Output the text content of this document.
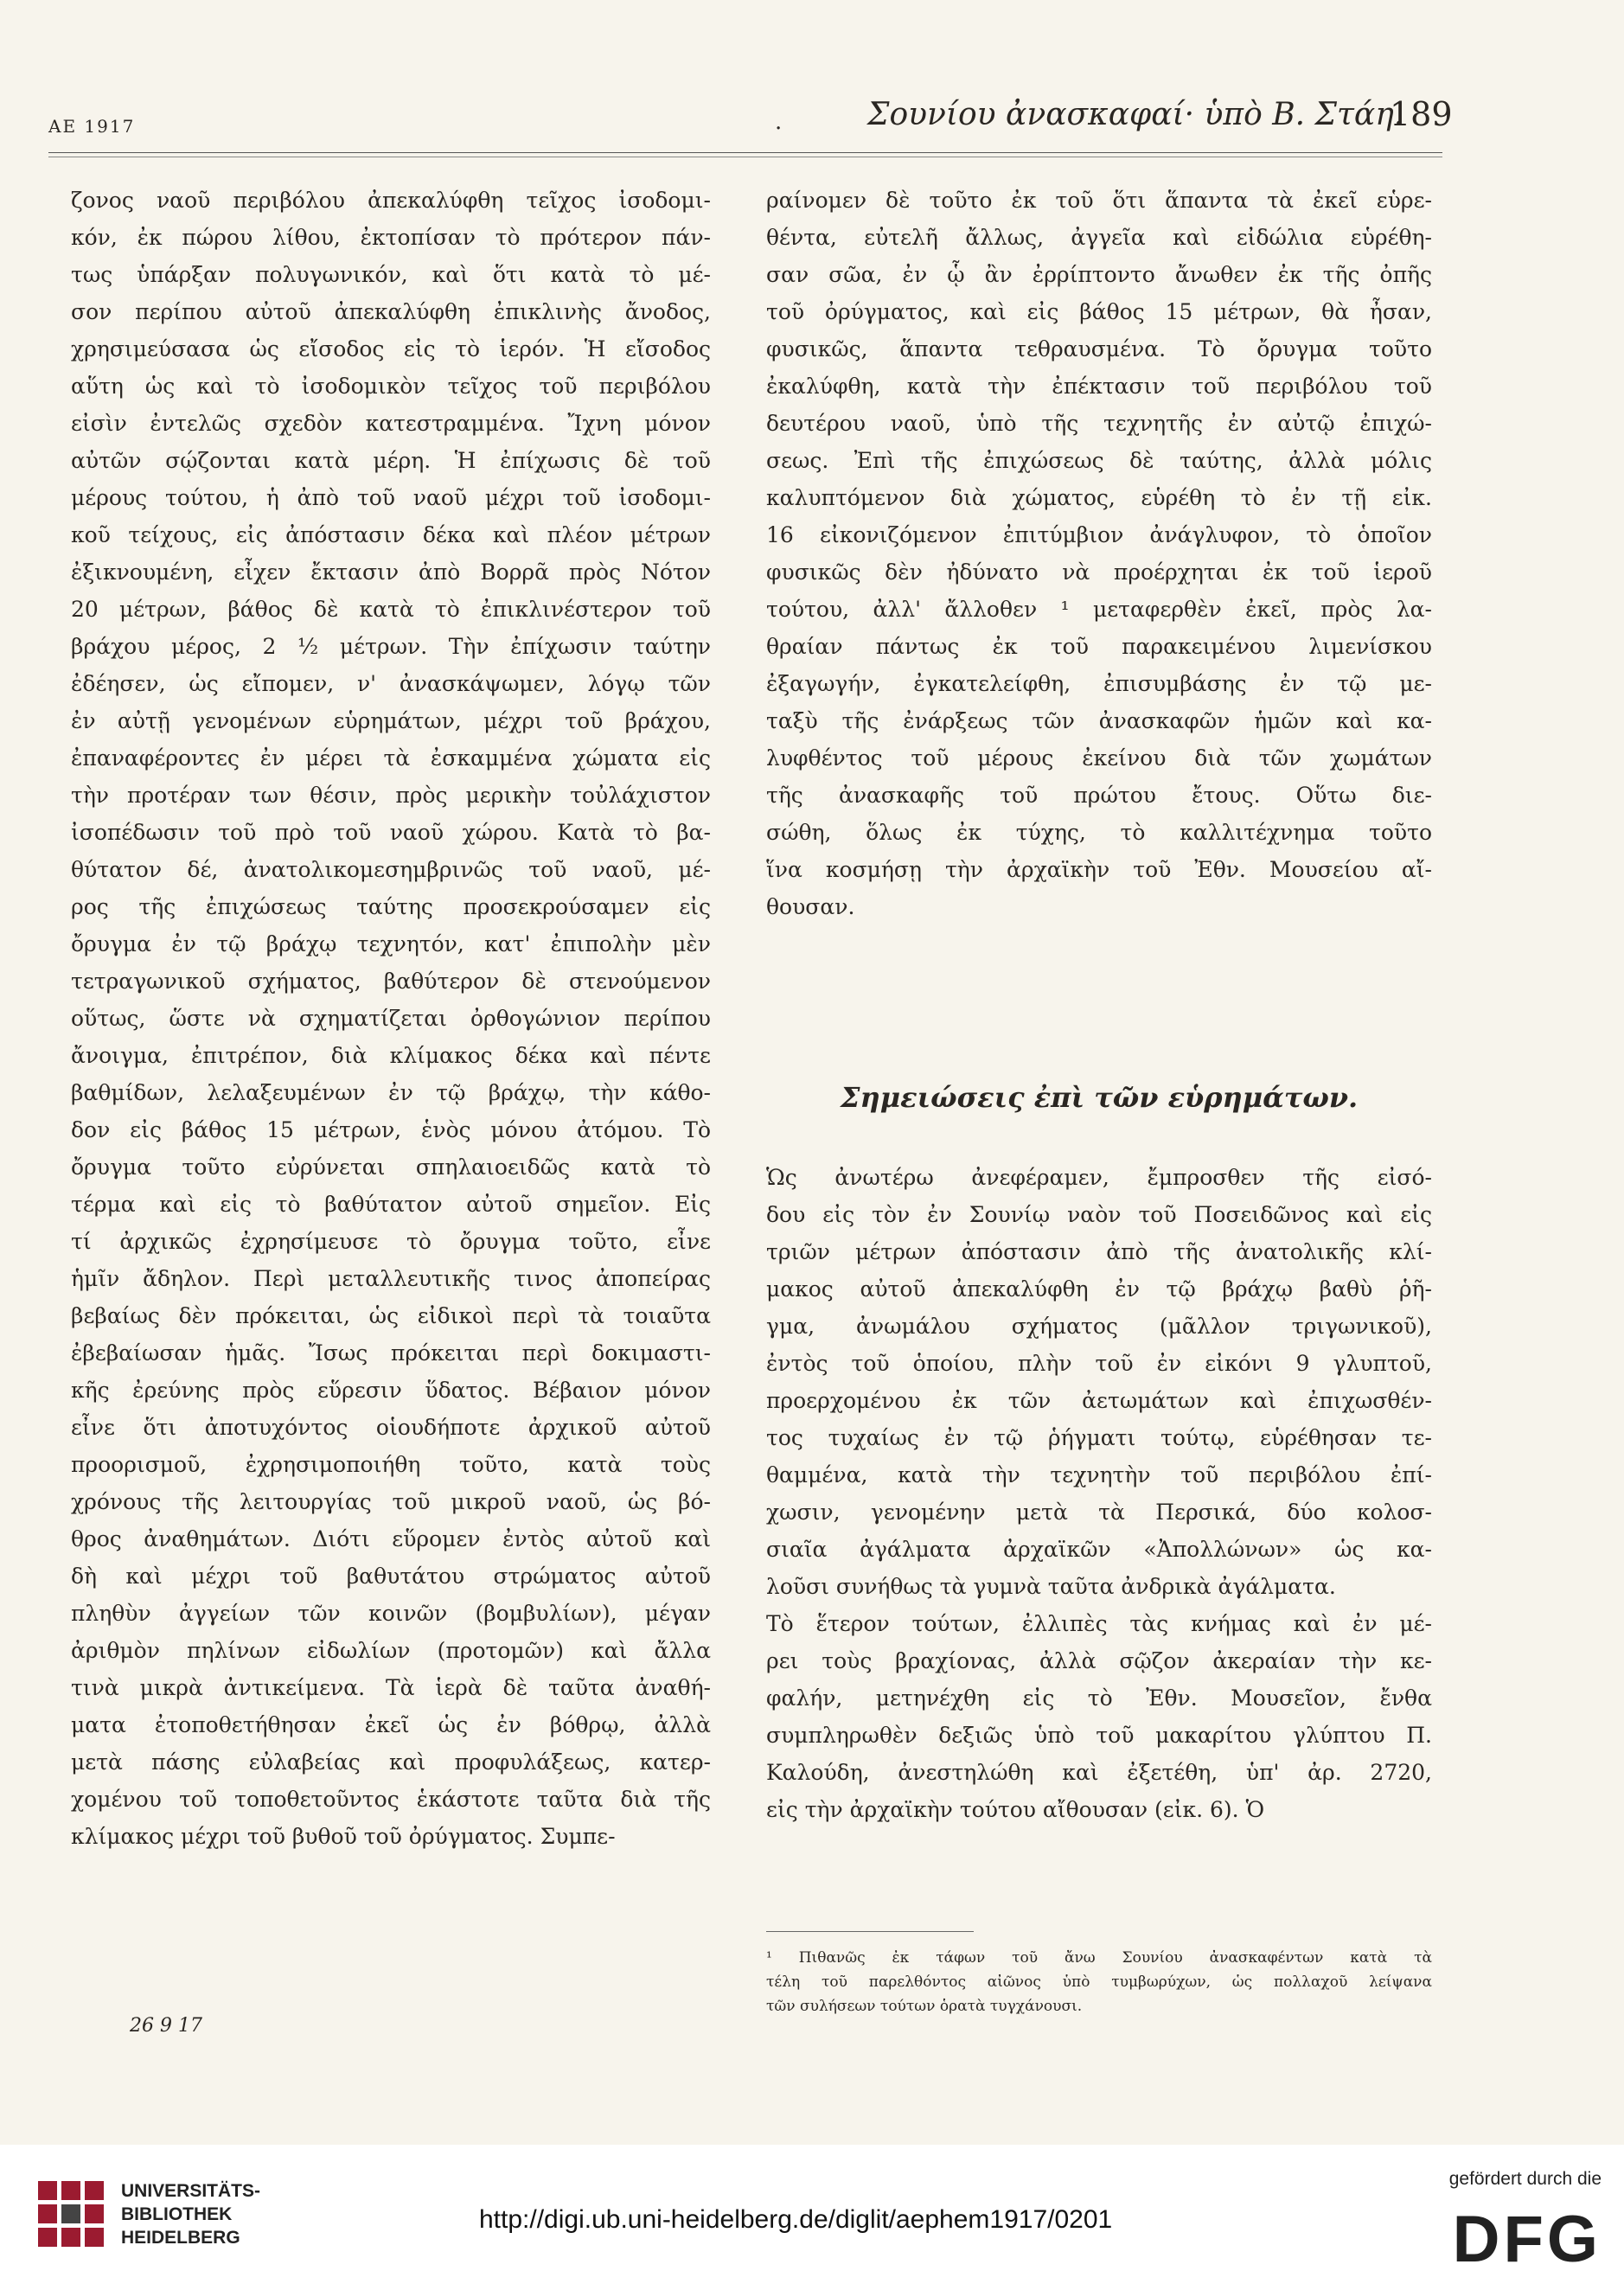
ΑΕ 1917	.	Σουνίου ἀνασκαφαί· ὑπὸ Β. Στάη.
189
ζονος ναοῦ περιβόλου ἀπεκαλύφθη τεῖχος ἰσοδομι-
κόν, ἐκ πώρου λίθου, ἐκτοπίσαν τὸ πρότερον πάν-
τως ὑπάρξαν πολυγωνικόν, καὶ ὅτι κατὰ τὸ μέ-
σον περίπου αὐτοῦ ἀπεκαλύφθη ἐπικλινὴς ἄνοδος,
χρησιμεύσασα ὡς εἴσοδος εἰς τὸ ἱερόν. Ἡ εἴσοδος
αὕτη ὡς καὶ τὸ ἰσοδομικὸν τεῖχος τοῦ περιβόλου
εἰσὶν ἐντελῶς σχεδὸν κατεστραμμένα. Ἴχνη μόνον
αὐτῶν σῴζονται κατὰ μέρη. Ἡ ἐπίχωσις δὲ τοῦ
μέρους τούτου, ἡ ἀπὸ τοῦ ναοῦ μέχρι τοῦ ἰσοδομι-
κοῦ τείχους, εἰς ἀπόστασιν δέκα καὶ πλέον μέτρων
ἐξικνουμένη, εἶχεν ἔκτασιν ἀπὸ Βορρᾶ πρὸς Νότον
20 μέτρων, βάθος δὲ κατὰ τὸ ἐπικλινέστερον τοῦ
βράχου μέρος, 2 ½ μέτρων. Τὴν ἐπίχωσιν ταύτην
ἐδέησεν, ὡς εἴπομεν, ν' ἀνασκάψωμεν, λόγῳ τῶν
ἐν αὐτῇ γενομένων εὑρημάτων, μέχρι τοῦ βράχου,
ἐπαναφέροντες ἐν μέρει τὰ ἐσκαμμένα χώματα εἰς
τὴν προτέραν των θέσιν, πρὸς μερικὴν τοὐλάχιστον
ἰσοπέδωσιν τοῦ πρὸ τοῦ ναοῦ χώρου. Κατὰ τὸ βα-
θύτατον δέ, ἀνατολικομεσημβρινῶς τοῦ ναοῦ, μέ-
ρος τῆς ἐπιχώσεως ταύτης προσεκρούσαμεν εἰς
ὄρυγμα ἐν τῷ βράχῳ τεχνητόν, κατ' ἐπιπολὴν μὲν
τετραγωνικοῦ σχήματος, βαθύτερον δὲ στενούμενον
οὕτως, ὥστε νὰ σχηματίζεται ὀρθογώνιον περίπου
ἄνοιγμα, ἐπιτρέπον, διὰ κλίμακος δέκα καὶ πέντε
βαθμίδων, λελαξευμένων ἐν τῷ βράχῳ, τὴν κάθο-
δον εἰς βάθος 15 μέτρων, ἑνὸς μόνου ἀτόμου. Τὸ
ὄρυγμα τοῦτο εὐρύνεται σπηλαιοειδῶς κατὰ τὸ
τέρμα καὶ εἰς τὸ βαθύτατον αὐτοῦ σημεῖον. Εἰς
τί ἀρχικῶς ἐχρησίμευσε τὸ ὄρυγμα τοῦτο, εἶνε
ἡμῖν ἄδηλον. Περὶ μεταλλευτικῆς τινος ἀποπείρας
βεβαίως δὲν πρόκειται, ὡς εἰδικοὶ περὶ τὰ τοιαῦτα
ἐβεβαίωσαν ἡμᾶς. Ἴσως πρόκειται περὶ δοκιμαστι-
κῆς ἐρεύνης πρὸς εὕρεσιν ὕδατος. Βέβαιον μόνον
εἶνε ὅτι ἀποτυχόντος οἱουδήποτε ἀρχικοῦ αὐτοῦ
προορισμοῦ, ἐχρησιμοποιήθη τοῦτο, κατὰ τοὺς
χρόνους τῆς λειτουργίας τοῦ μικροῦ ναοῦ, ὡς βό-
θρος ἀναθημάτων. Διότι εὕρομεν ἐντὸς αὐτοῦ καὶ
δὴ καὶ μέχρι τοῦ βαθυτάτου στρώματος αὐτοῦ
πληθὺν ἀγγείων τῶν κοινῶν (βομβυλίων), μέγαν
ἀριθμὸν πηλίνων εἰδωλίων (προτομῶν) καὶ ἄλλα
τινὰ μικρὰ ἀντικείμενα. Τὰ ἱερὰ δὲ ταῦτα ἀναθή-
ματα ἐτοποθετήθησαν ἐκεῖ ὡς ἐν βόθρῳ, ἀλλὰ
μετὰ πάσης εὐλαβείας καὶ προφυλάξεως, κατερ-
χομένου τοῦ τοποθετοῦντος ἑκάστοτε ταῦτα διὰ τῆς
κλίμακος μέχρι τοῦ βυθοῦ τοῦ ὀρύγματος. Συμπε-
26 9 17
ραίνομεν δὲ τοῦτο ἐκ τοῦ ὅτι ἅπαντα τὰ ἐκεῖ εὑρε-
θέντα, εὐτελῆ ἄλλως, ἀγγεῖα καὶ εἰδώλια εὑρέθη-
σαν σῶα, ἐν ᾧ ἂν ἐρρίπτοντο ἄνωθεν ἐκ τῆς ὀπῆς
τοῦ ὀρύγματος, καὶ εἰς βάθος 15 μέτρων, θὰ ἦσαν,
φυσικῶς, ἅπαντα τεθραυσμένα. Τὸ ὄρυγμα τοῦτο
ἐκαλύφθη, κατὰ τὴν ἐπέκτασιν τοῦ περιβόλου τοῦ
δευτέρου ναοῦ, ὑπὸ τῆς τεχνητῆς ἐν αὐτῷ ἐπιχώ-
σεως. Ἐπὶ τῆς ἐπιχώσεως δὲ ταύτης, ἀλλὰ μόλις
καλυπτόμενον διὰ χώματος, εὑρέθη τὸ ἐν τῇ εἰκ.
16 εἰκονιζόμενον ἐπιτύμβιον ἀνάγλυφον, τὸ ὁποῖον
φυσικῶς δὲν ἠδύνατο νὰ προέρχηται ἐκ τοῦ ἱεροῦ
τούτου, ἀλλ' ἄλλοθεν ¹ μεταφερθὲν ἐκεῖ, πρὸς λα-
θραίαν πάντως ἐκ τοῦ παρακειμένου λιμενίσκου
ἐξαγωγήν, ἐγκατελείφθη, ἐπισυμβάσης ἐν τῷ με-
ταξὺ τῆς ἐνάρξεως τῶν ἀνασκαφῶν ἡμῶν καὶ κα-
λυφθέντος τοῦ μέρους ἐκείνου διὰ τῶν χωμάτων
τῆς ἀνασκαφῆς τοῦ πρώτου ἔτους. Οὕτω διε-
σώθη, ὅλως ἐκ τύχης, τὸ καλλιτέχνημα τοῦτο
ἵνα κοσμήσῃ τὴν ἀρχαϊκὴν τοῦ Ἐθν. Μουσείου αἴ-
θουσαν.
Σημειώσεις ἐπὶ τῶν εὑρημάτων.
Ὡς ἀνωτέρω ἀνεφέραμεν, ἔμπροσθεν τῆς εἰσό-
δου εἰς τὸν ἐν Σουνίῳ ναὸν τοῦ Ποσειδῶνος καὶ εἰς
τριῶν μέτρων ἀπόστασιν ἀπὸ τῆς ἀνατολικῆς κλί-
μακος αὐτοῦ ἀπεκαλύφθη ἐν τῷ βράχῳ βαθὺ ῥῆ-
γμα, ἀνωμάλου σχήματος (μᾶλλον τριγωνικοῦ),
ἐντὸς τοῦ ὁποίου, πλὴν τοῦ ἐν εἰκόνι 9 γλυπτοῦ,
προερχομένου ἐκ τῶν ἀετωμάτων καὶ ἐπιχωσθέν-
τος τυχαίως ἐν τῷ ῥήγματι τούτῳ, εὑρέθησαν τε-
θαμμένα, κατὰ τὴν τεχνητὴν τοῦ περιβόλου ἐπί-
χωσιν, γενομένην μετὰ τὰ Περσικά, δύο κολοσ-
σιαῖα ἀγάλματα ἀρχαϊκῶν «Ἀπολλώνων» ὡς κα-
λοῦσι συνήθως τὰ γυμνὰ ταῦτα ἀνδρικὰ ἀγάλματα.
Τὸ ἕτερον τούτων, ἐλλιπὲς τὰς κνήμας καὶ ἐν μέ-
ρει τοὺς βραχίονας, ἀλλὰ σῷζον ἀκεραίαν τὴν κε-
φαλήν, μετηνέχθη εἰς τὸ Ἐθν. Μουσεῖον, ἔνθα
συμπληρωθὲν δεξιῶς ὑπὸ τοῦ μακαρίτου γλύπτου Π.
Καλούδη, ἀνεστηλώθη καὶ ἐξετέθη, ὑπ' ἀρ. 2720,
εἰς τὴν ἀρχαϊκὴν τούτου αἴθουσαν (εἰκ. 6). Ὁ
¹ Πιθανῶς ἐκ τάφων τοῦ ἄνω Σουνίου ἀνασκαφέντων κατὰ τὰ
τέλη τοῦ παρελθόντος αἰῶνος ὑπὸ τυμβωρύχων, ὡς πολλαχοῦ λείψανα
τῶν συλήσεων τούτων ὁρατὰ τυγχάνουσι.
UNIVERSITÄTS-
BIBLIOTHEK
HEIDELBERG
http://digi.ub.uni-heidelberg.de/diglit/aephem1917/0201
gefördert durch die
DFG
